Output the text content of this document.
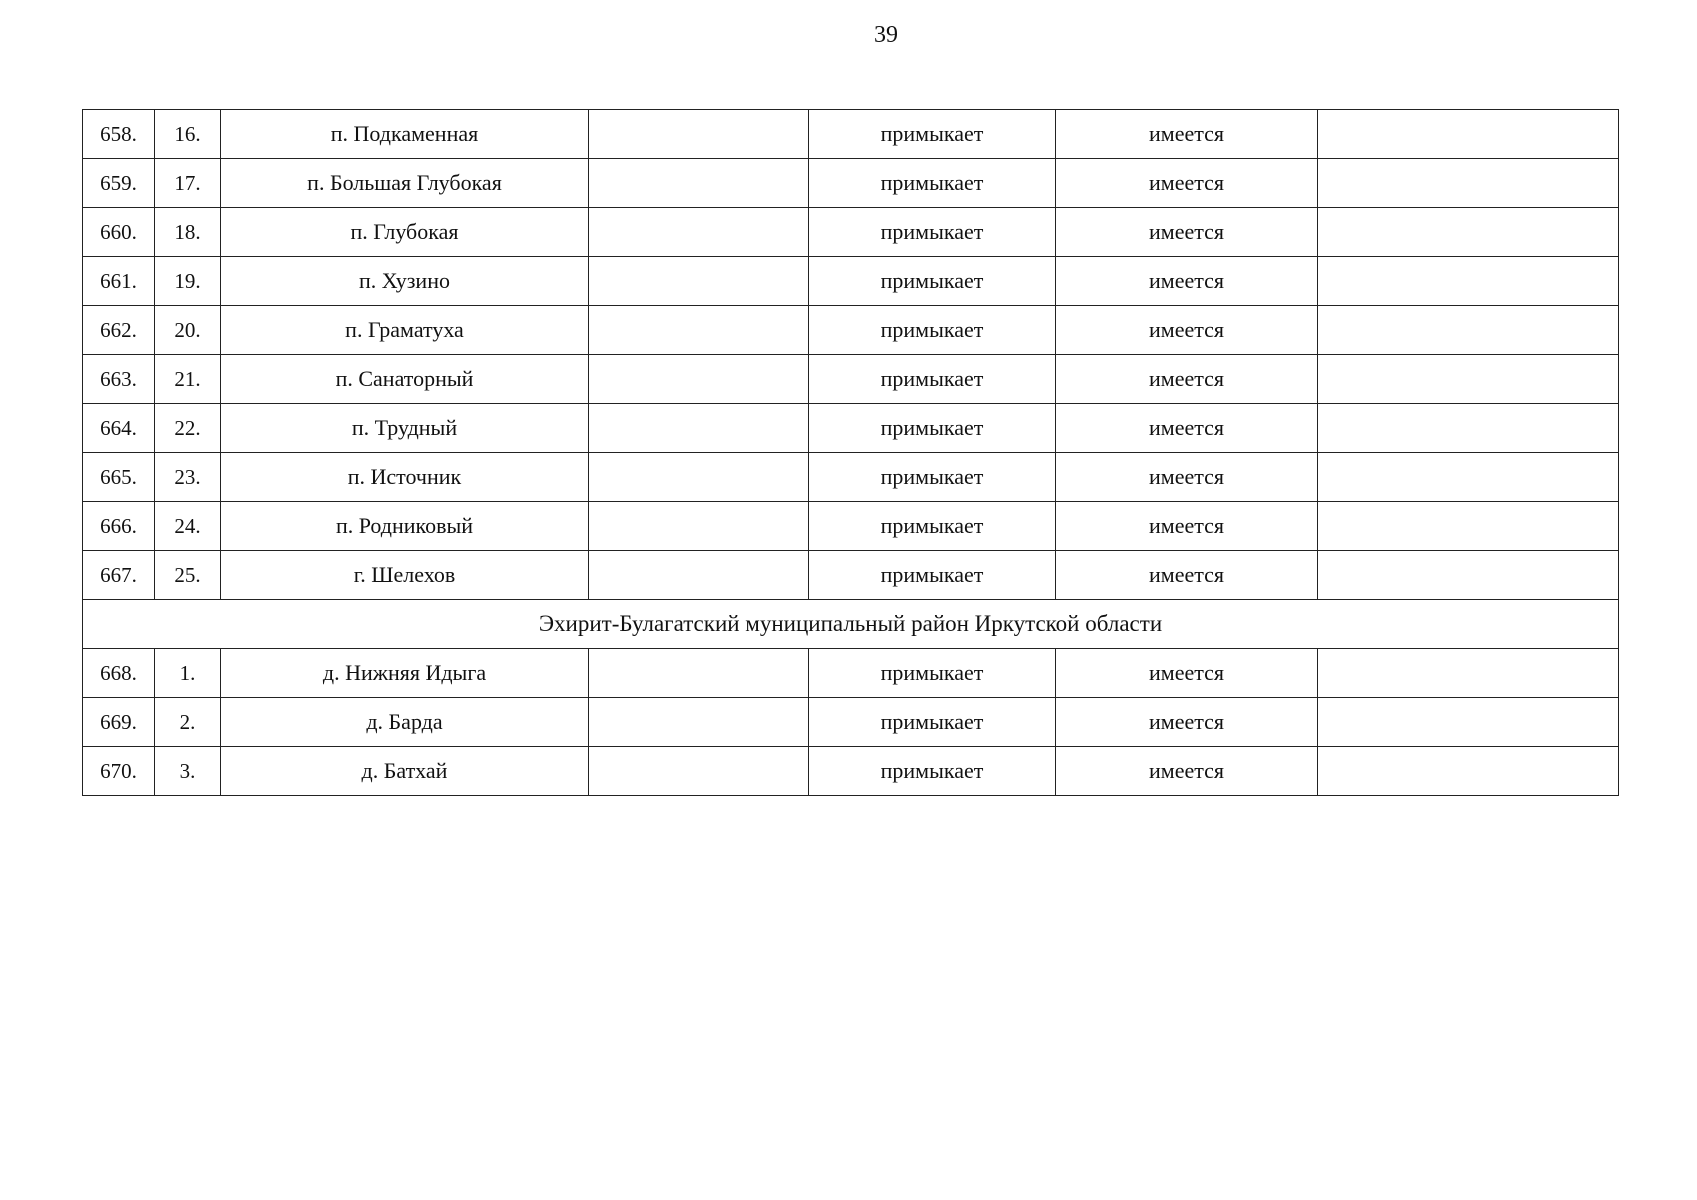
39
658.	16.	п. Подкаменная		примыкает	имеется	
659.	17.	п. Большая Глубокая		примыкает	имеется	
660.	18.	п. Глубокая		примыкает	имеется	
661.	19.	п. Хузино		примыкает	имеется	
662.	20.	п. Граматуха		примыкает	имеется	
663.	21.	п. Санаторный		примыкает	имеется	
664.	22.	п. Трудный		примыкает	имеется	
665.	23.	п. Источник		примыкает	имеется	
666.	24.	п. Родниковый		примыкает	имеется	
667.	25.	г. Шелехов		примыкает	имеется	
Эхирит-Булагатский муниципальный район Иркутской области						
668.	1.	д. Нижняя Идыга		примыкает	имеется	
669.	2.	д. Барда		примыкает	имеется	
670.	3.	д. Батхай		примыкает	имеется	
